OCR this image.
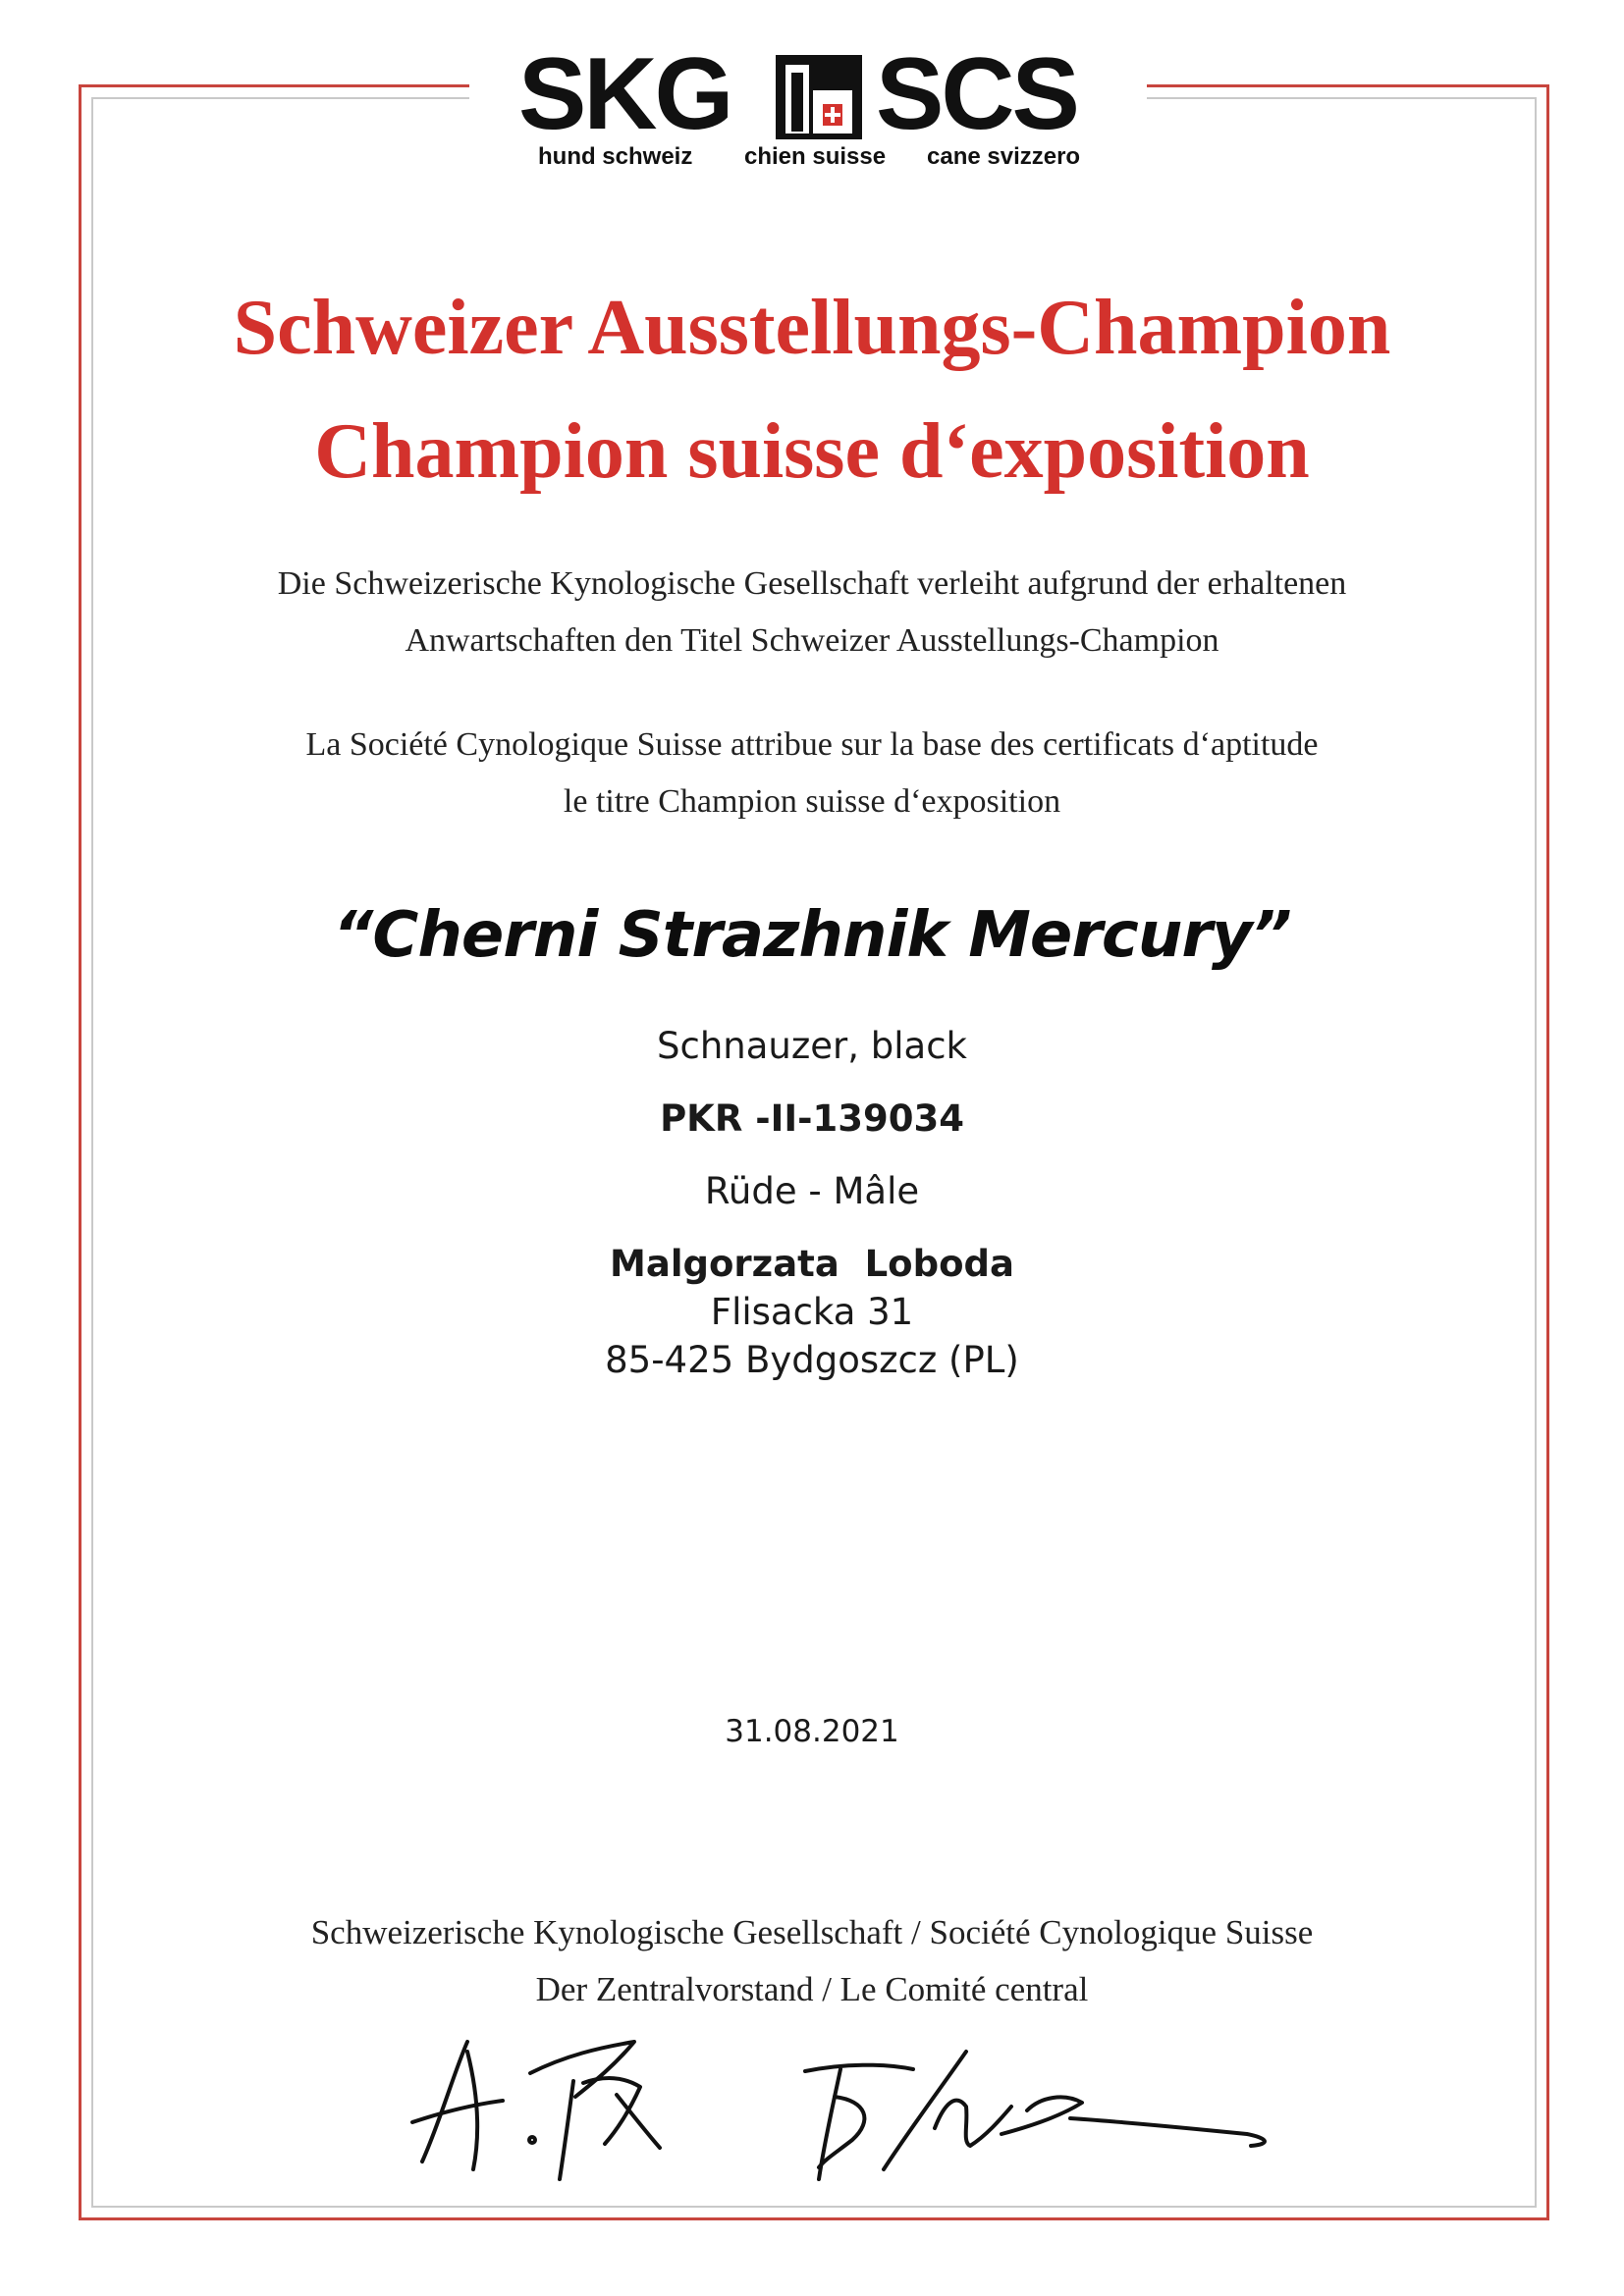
SKG SCS
hund schweiz chien suisse cane svizzero
Schweizer Ausstellungs-Champion
Champion suisse d‘exposition
Die Schweizerische Kynologische Gesellschaft verleiht aufgrund der erhaltenen
Anwartschaften den Titel Schweizer Ausstellungs-Champion
La Société Cynologique Suisse attribue sur la base des certificats d‘aptitude
le titre Champion suisse d‘exposition
“Cherni Strazhnik Mercury”
Schnauzer, black
PKR -II-139034
Rüde - Mâle
Malgorzata  Loboda
Flisacka 31
85-425 Bydgoszcz (PL)
31.08.2021
Schweizerische Kynologische Gesellschaft / Société Cynologique Suisse
Der Zentralvorstand / Le Comité central
